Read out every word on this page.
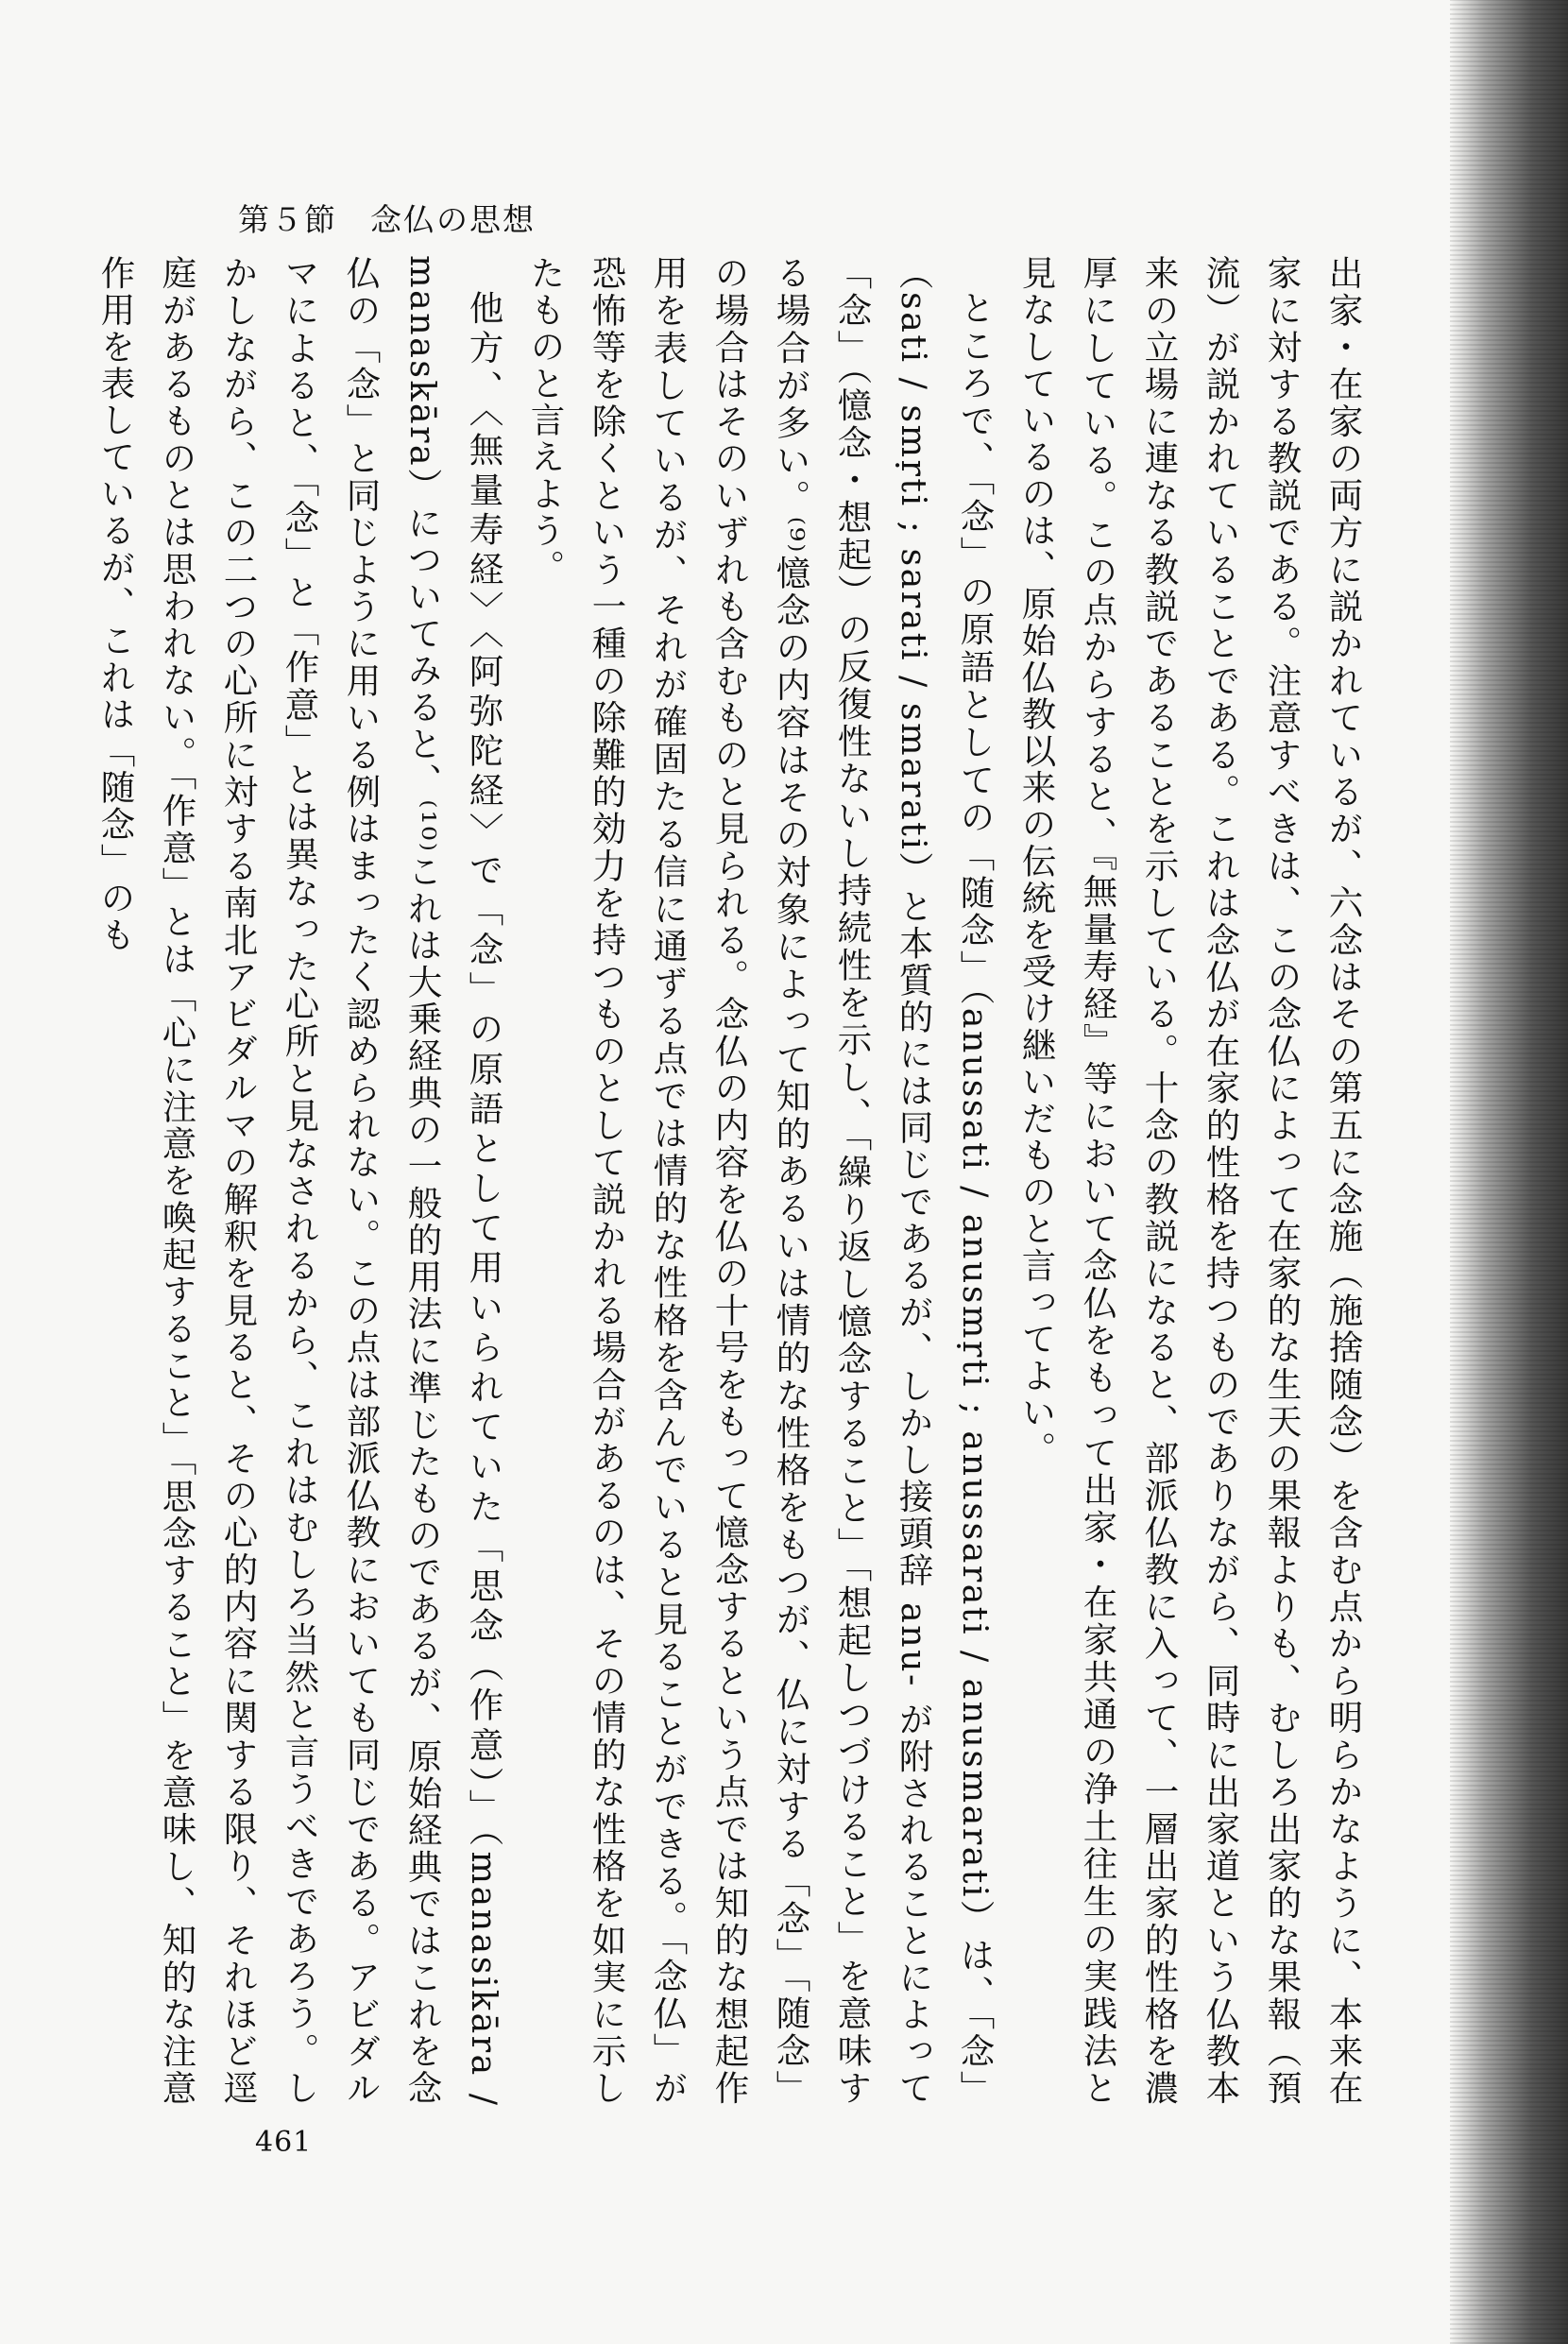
第５節　念仏の思想

出家・在家の両方に説かれているが、六念はその第五に念施（施捨随念）を含む点から明らかなように、本来在家に対する教説である。注意すべきは、この念仏によって在家的な生天の果報よりも、むしろ出家的な果報（預流）が説かれていることである。これは念仏が在家的性格を持つものでありながら、同時に出家道という仏教本来の立場に連なる教説であることを示している。十念の教説になると、部派仏教に入って、一層出家的性格を濃厚にしている。この点からすると、『無量寿経』等において念仏をもって出家・在家共通の浄土往生の実践法と見なしているのは、原始仏教以来の伝統を受け継いだものと言ってよい。

ところで、「念」の原語としての「随念」（anussati / anusmṛti ; anussarati / anusmarati）は、「念」（sati / smṛti ; sarati / smarati）と本質的には同じであるが、しかし接頭辞 anu- が附されることによって「念」（憶念・想起）の反復性ないし持続性を示し、「繰り返し憶念すること」「想起しつづけること」を意味する場合が多い。⁽⁹⁾憶念の内容はその対象によって知的あるいは情的な性格をもつが、仏に対する「念」「随念」の場合はそのいずれも含むものと見られる。念仏の内容を仏の十号をもって憶念するという点では知的な想起作用を表しているが、それが確固たる信に通ずる点では情的な性格を含んでいると見ることができる。「念仏」が恐怖等を除くという一種の除難的効力を持つものとして説かれる場合があるのは、その情的な性格を如実に示したものと言えよう。

他方、〈無量寿経〉〈阿弥陀経〉で「念」の原語として用いられていた「思念（作意）」（manasikāra / manaskāra）についてみると、⁽¹⁰⁾これは大乗経典の一般的用法に準じたものであるが、原始経典ではこれを念仏の「念」と同じように用いる例はまったく認められない。この点は部派仏教においても同じである。アビダルマによると、「念」と「作意」とは異なった心所と見なされるから、これはむしろ当然と言うべきであろう。しかしながら、この二つの心所に対する南北アビダルマの解釈を見ると、その心的内容に関する限り、それほど逕庭があるものとは思われない。「作意」とは「心に注意を喚起すること」「思念すること」を意味し、知的な注意作用を表しているが、これは「随念」のも

461
